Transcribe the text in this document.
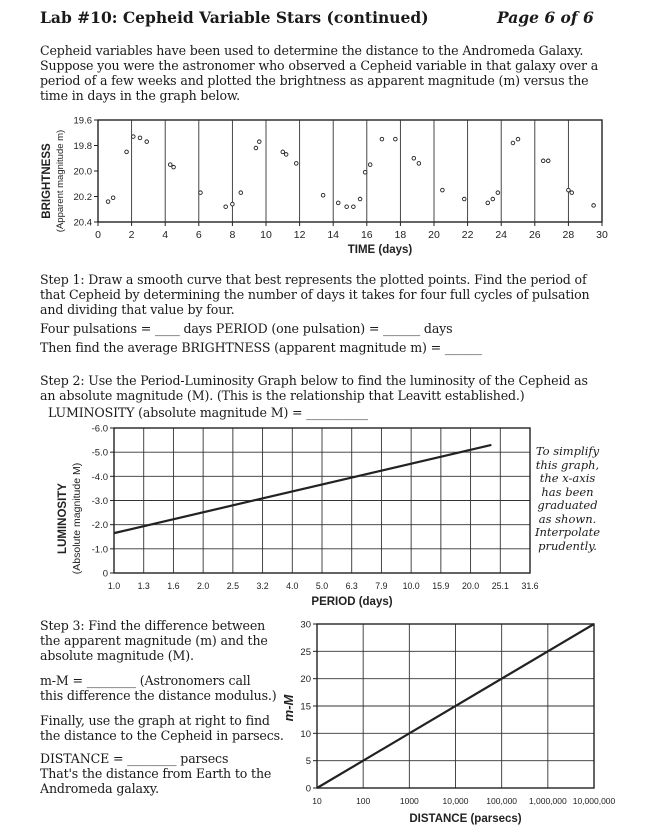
Lab #10: Cepheid Variable Stars (continued)	Page 6 of 6
Cepheid variables have been used to determine the distance to the Andromeda Galaxy.
Suppose you were the astronomer who observed a Cepheid variable in that galaxy over a
period of a few weeks and plotted the brightness as apparent magnitude (m) versus the
time in days in the graph below.
0	2	4	6	8 10 12 14 16 18 20 22 24 26 28 30
19.6
19.8
20.0
20.2
20.4
TIME (days)
BRIGHTNESS (Apparent magnitude m)
Step 1: Draw a smooth curve that best represents the plotted points. Find the period of
that Cepheid by determining the number of days it takes for four full cycles of pulsation
and dividing that value by four.
Four pulsations = ____ days PERIOD (one pulsation) = ______ days
Then find the average BRIGHTNESS (apparent magnitude m) = ______
Step 2: Use the Period-Luminosity Graph below to find the luminosity of the Cepheid as
an absolute magnitude (M). (This is the relationship that Leavitt established.)
LUMINOSITY (absolute magnitude M) = __________
1.0 1.3 1.6 2.0 2.5 3.2 4.0 5.0 6.3 7.9 10.0 15.9 20.0 25.1 31.6
-6.0
-5.0
-4.0
-3.0
-2.0
-1.0
0
PERIOD (days)
LUMINOSITY (Absolute magnitude M)
To simplify
this graph,
the x-axis
has been
graduated
as shown.
Interpolate
prudently.
Step 3: Find the difference between
the apparent magnitude (m) and the
absolute magnitude (M).
m-M = ________ (Astronomers call
this difference the distance modulus.)
Finally, use the graph at right to find
the distance to the Cepheid in parsecs.
DISTANCE = ________ parsecs
That's the distance from Earth to the
Andromeda galaxy.
10	100	1000	10,000 100,000 1,000,000 10,000,000
0
5
10
15
20
25
30
DISTANCE (parsecs)
m-M
